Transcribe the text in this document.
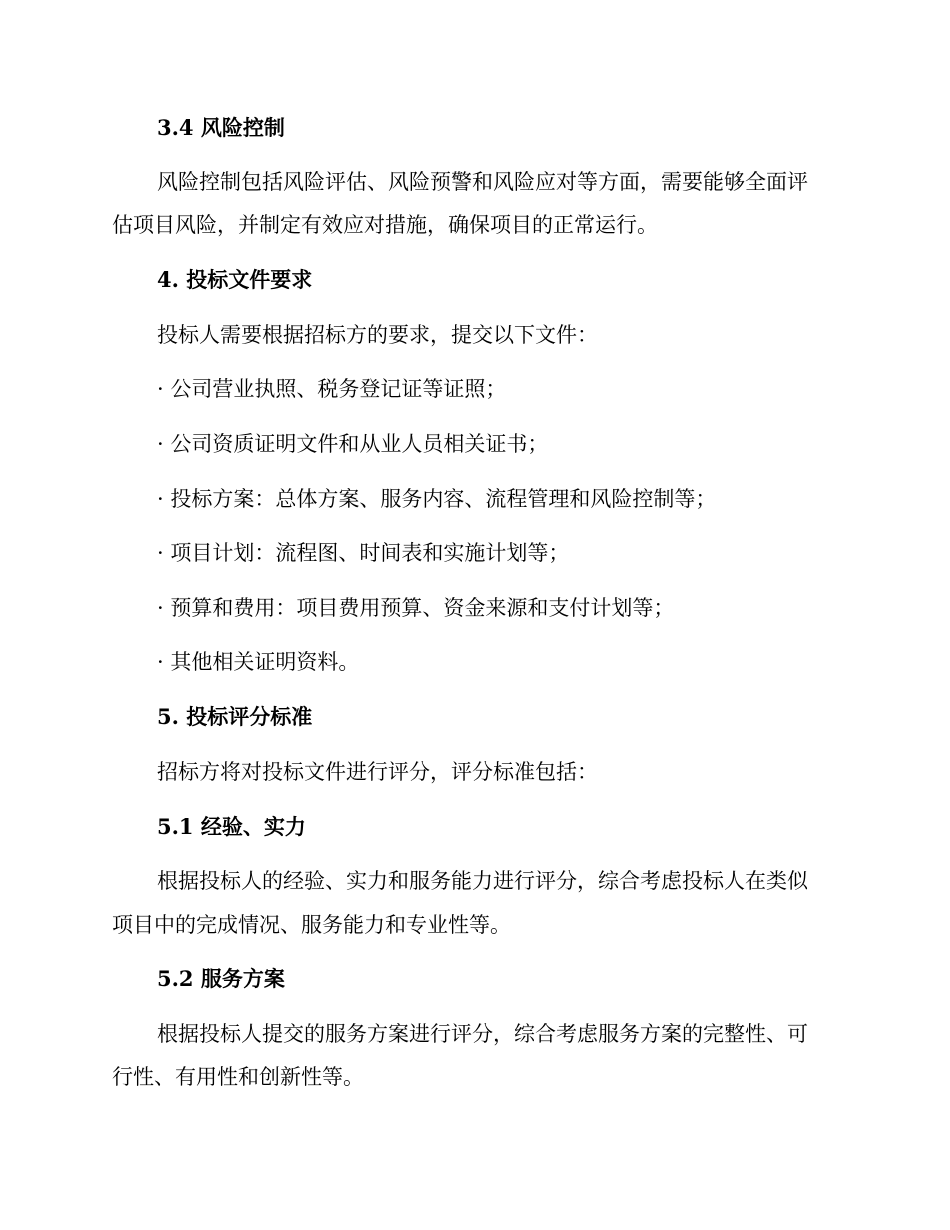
3.4 风险控制
风险控制包括风险评估、风险预警和风险应对等方面，需要能够全面评
估项目风险，并制定有效应对措施，确保项目的正常运行。
4. 投标文件要求
投标人需要根据招标方的要求，提交以下文件：
· 公司营业执照、税务登记证等证照；
· 公司资质证明文件和从业人员相关证书；
· 投标方案：总体方案、服务内容、流程管理和风险控制等；
· 项目计划：流程图、时间表和实施计划等；
· 预算和费用：项目费用预算、资金来源和支付计划等；
· 其他相关证明资料。
5. 投标评分标准
招标方将对投标文件进行评分，评分标准包括：
5.1 经验、实力
根据投标人的经验、实力和服务能力进行评分，综合考虑投标人在类似
项目中的完成情况、服务能力和专业性等。
5.2 服务方案
根据投标人提交的服务方案进行评分，综合考虑服务方案的完整性、可
行性、有用性和创新性等。
